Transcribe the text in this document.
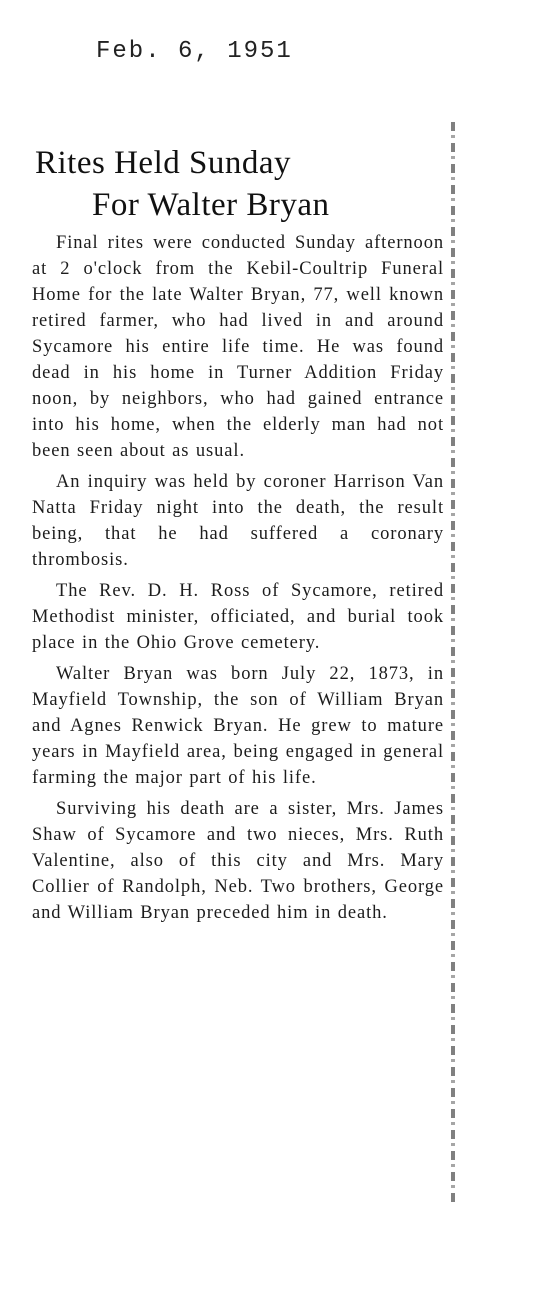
Feb. 6, 1951
Rites Held Sunday
For Walter Bryan

Final rites were conducted Sunday afternoon at 2 o'clock from the Kebil-Coultrip Funeral Home for the late Walter Bryan, 77, well known retired farmer, who had lived in and around Sycamore his entire life time. He was found dead in his home in Turner Addition Friday noon, by neighbors, who had gained entrance into his home, when the elderly man had not been seen about as usual.

An inquiry was held by coroner Harrison Van Natta Friday night into the death, the result being, that he had suffered a coronary thrombosis.

The Rev. D. H. Ross of Sycamore, retired Methodist minister, officiated, and burial took place in the Ohio Grove cemetery.

Walter Bryan was born July 22, 1873, in Mayfield Township, the son of William Bryan and Agnes Renwick Bryan. He grew to mature years in Mayfield area, being engaged in general farming the major part of his life.

Surviving his death are a sister, Mrs. James Shaw of Sycamore and two nieces, Mrs. Ruth Valentine, also of this city and Mrs. Mary Collier of Randolph, Neb. Two brothers, George and William Bryan preceded him in death.
